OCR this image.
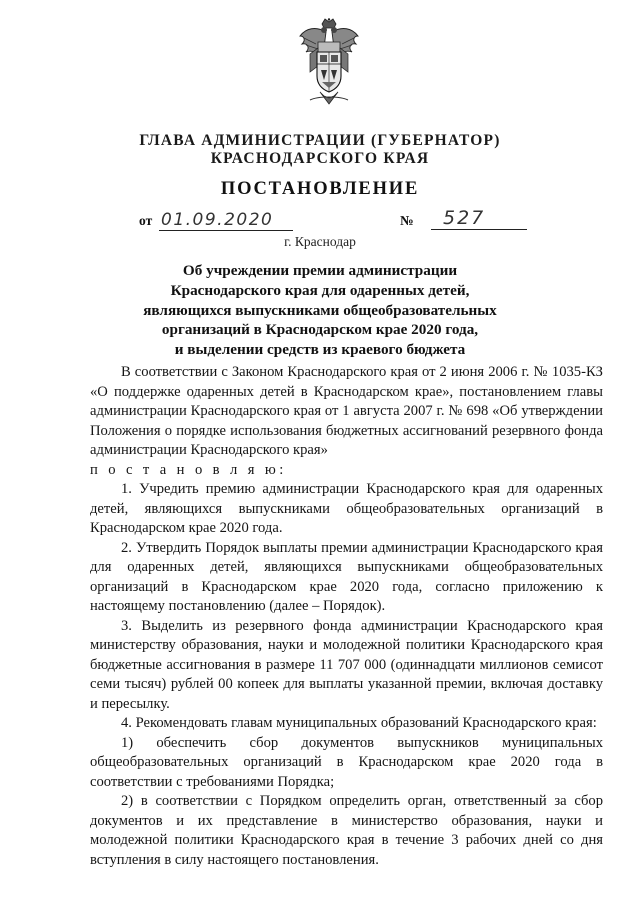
ГЛАВА АДМИНИСТРАЦИИ (ГУБЕРНАТОР)
КРАСНОДАРСКОГО КРАЯ
ПОСТАНОВЛЕНИЕ
от 01.09.2020	№	527
г. Краснодар
Об учреждении премии администрации
Краснодарского края для одаренных детей,
являющихся выпускниками общеобразовательных
организаций в Краснодарском крае 2020 года,
и выделении средств из краевого бюджета

В соответствии с Законом Краснодарского края от 2 июня 2006 г. № 1035-КЗ «О поддержке одаренных детей в Краснодарском крае», постановлением главы администрации Краснодарского края от 1 августа 2007 г. № 698 «Об утверждении Положения о порядке использования бюджетных ассигнований резервного фонда администрации Краснодарского края»

п о с т а н о в л я ю:

1. Учредить премию администрации Краснодарского края для одаренных детей, являющихся выпускниками общеобразовательных организаций в Краснодарском крае 2020 года.

2. Утвердить Порядок выплаты премии администрации Краснодарского края для одаренных детей, являющихся выпускниками общеобразовательных организаций в Краснодарском крае 2020 года, согласно приложению к настоящему постановлению (далее – Порядок).

3. Выделить из резервного фонда администрации Краснодарского края министерству образования, науки и молодежной политики Краснодарского края бюджетные ассигнования в размере 11 707 000 (одиннадцати миллионов семисот семи тысяч) рублей 00 копеек для выплаты указанной премии, включая доставку и пересылку.

4. Рекомендовать главам муниципальных образований Краснодарского края:

1) обеспечить сбор документов выпускников муниципальных общеобразовательных организаций в Краснодарском крае 2020 года в соответствии с требованиями Порядка;

2) в соответствии с Порядком определить орган, ответственный за сбор документов и их представление в министерство образования, науки и молодежной политики Краснодарского края в течение 3 рабочих дней со дня вступления в силу настоящего постановления.
